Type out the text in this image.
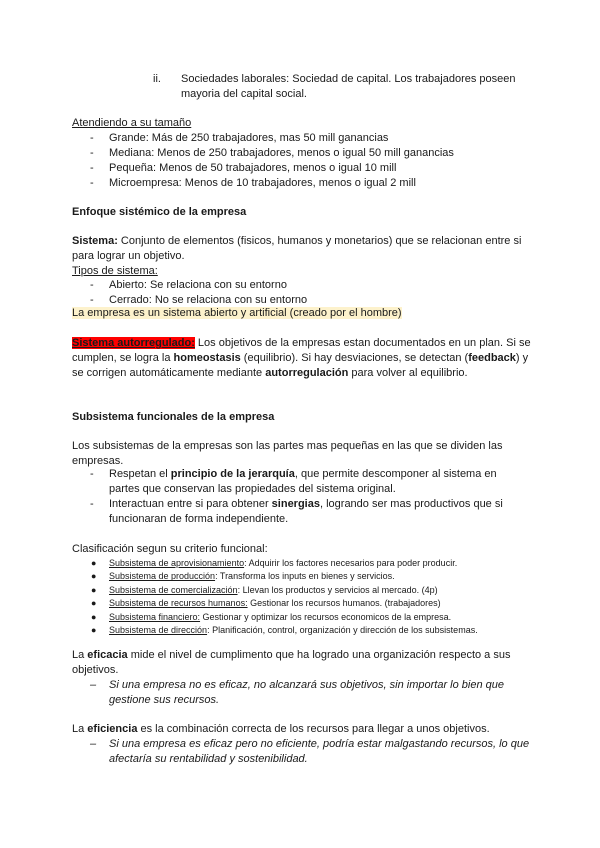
ii. Sociedades laborales: Sociedad de capital. Los trabajadores poseen mayoria del capital social.
Atendiendo a su tamaño
- Grande: Más de 250 trabajadores, mas 50 mill ganancias
- Mediana: Menos de 250 trabajadores, menos o igual 50 mill ganancias
- Pequeña: Menos de 50 trabajadores, menos o igual 10 mill
- Microempresa: Menos de 10 trabajadores, menos o igual 2 mill
Enfoque sistémico de la empresa
Sistema: Conjunto de elementos (fisicos, humanos y monetarios) que se relacionan entre si para lograr un objetivo.
Tipos de sistema:
- Abierto: Se relaciona con su entorno
- Cerrado: No se relaciona con su entorno
La empresa es un sistema abierto y artificial (creado por el hombre)
Sistema autorregulado: Los objetivos de la empresas estan documentados en un plan. Si se cumplen, se logra la homeostasis (equilibrio). Si hay desviaciones, se detectan (feedback) y se corrigen automáticamente mediante autorregulación para volver al equilibrio.
Subsistema funcionales de la empresa
Los subsistemas de la empresas son las partes mas pequeñas en las que se dividen las empresas.
- Respetan el principio de la jerarquía, que permite descomponer al sistema en partes que conservan las propiedades del sistema original.
- Interactuan entre si para obtener sinergias, logrando ser mas productivos que si funcionaran de forma independiente.
Clasificación segun su criterio funcional:
● Subsistema de aprovisionamiento: Adquirir los factores necesarios para poder producir.
● Subsistema de producción: Transforma los inputs en bienes y servicios.
● Subsistema de comercialización: Llevan los productos y servicios al mercado. (4p)
● Subsistema de recursos humanos: Gestionar los recursos humanos. (trabajadores)
● Subsistema financiero: Gestionar y optimizar los recursos economicos de la empresa.
● Subsistema de dirección: Planificación, control, organización y dirección de los subsistemas.
La eficacia mide el nivel de cumplimento que ha logrado una organización respecto a sus objetivos.
– Si una empresa no es eficaz, no alcanzará sus objetivos, sin importar lo bien que gestione sus recursos.
La eficiencia es la combinación correcta de los recursos para llegar a unos objetivos.
– Si una empresa es eficaz pero no eficiente, podría estar malgastando recursos, lo que afectaría su rentabilidad y sostenibilidad.
